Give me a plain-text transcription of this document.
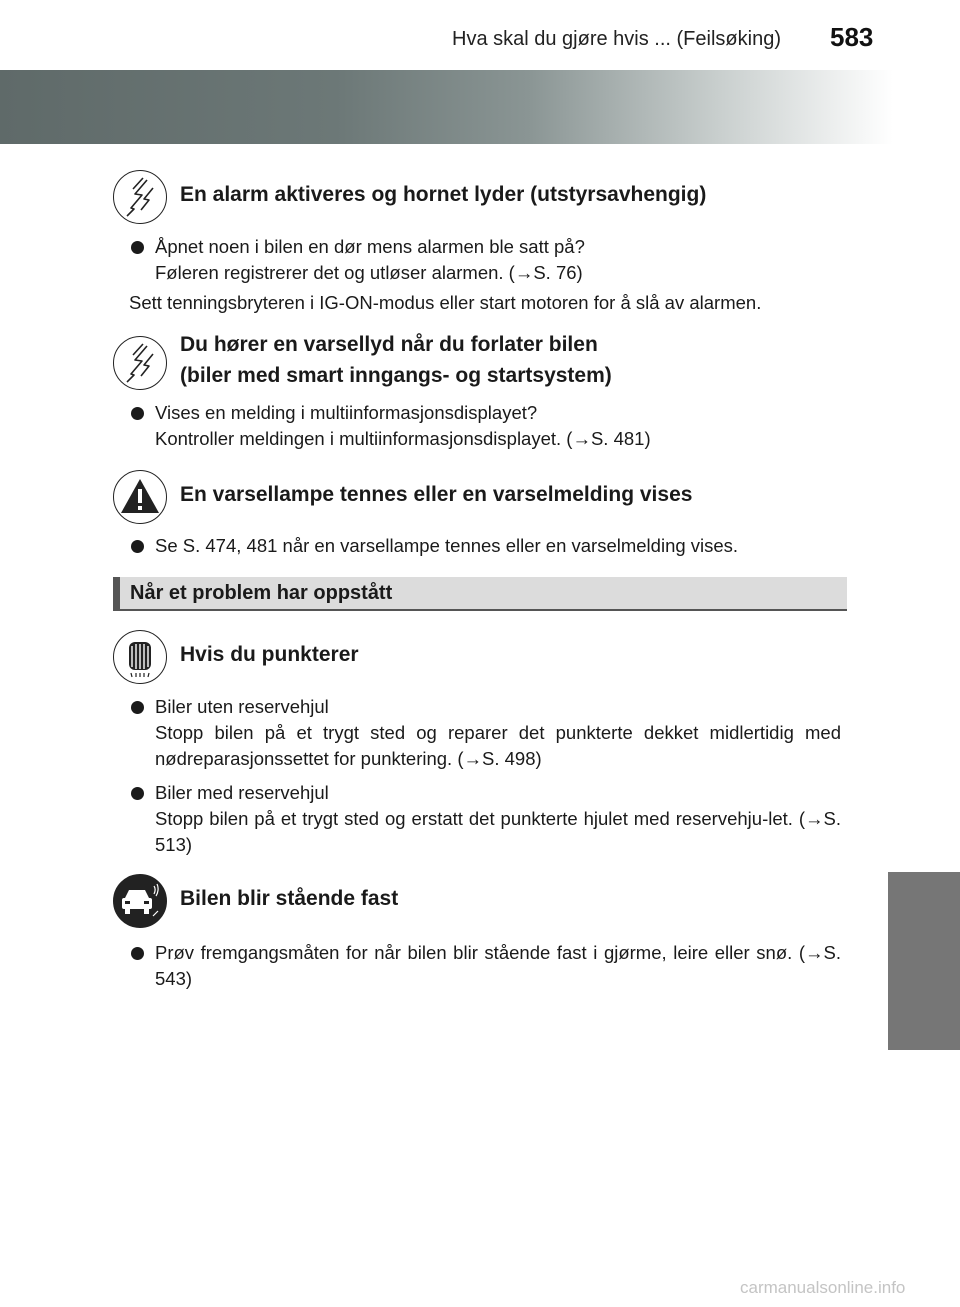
Hva skal du gjøre hvis ... (Feilsøking) 583
En alarm aktiveres og hornet lyder (utstyrsavhengig)
Åpnet noen i bilen en dør mens alarmen ble satt på?
Føleren registrerer det og utløser alarmen. (→S. 76)
Sett tenningsbryteren i IG-ON-modus eller start motoren for å slå av alarmen.
Du hører en varsellyd når du forlater bilen
(biler med smart inngangs- og startsystem)
Vises en melding i multiinformasjonsdisplayet?
Kontroller meldingen i multiinformasjonsdisplayet. (→S. 481)
En varsellampe tennes eller en varselmelding vises
Se S. 474, 481 når en varsellampe tennes eller en varselmelding vises.
Når et problem har oppstått
Hvis du punkterer
Biler uten reservehjul
Stopp bilen på et trygt sted og reparer det punkterte dekket midlertidig med nødreparasjonssettet for punktering. (→S. 498)
Biler med reservehjul
Stopp bilen på et trygt sted og erstatt det punkterte hjulet med reservehju-let. (→S. 513)
Bilen blir stående fast
Prøv fremgangsmåten for når bilen blir stående fast i gjørme, leire eller snø. (→S. 543)
carmanualsonline.info
